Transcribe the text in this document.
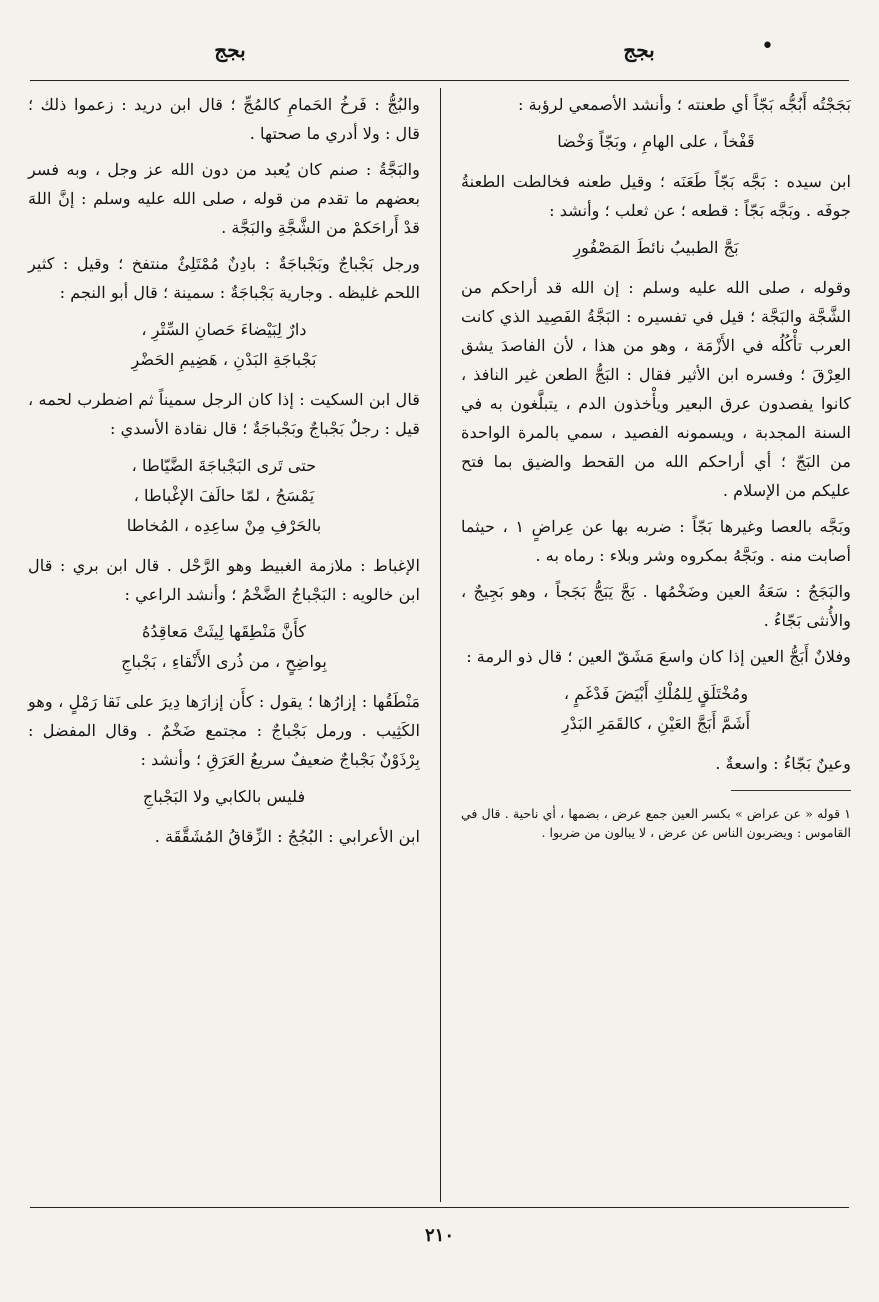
•
بجج
بجج

بَجَجْتُه أَبُجُّه بَجّاً أي طعنته ؛ وأنشد الأصمعي لرؤبة :

قَفْخاً ، على الهامِ ، وبَجّاً وَخْضا

ابن سيده : بَجَّه بَجّاً طَعَنَه ؛ وقيل طعنه فخالطت الطعنةُ جوفَه . وبَجَّه بَجّاً : قطعه ؛ عن ثعلب ؛ وأنشد :

بَجَّ الطبيبُ نائطَ المَصْفُورِ

وقوله ، صلى الله عليه وسلم : إن الله قد أراحكم من الشَّجَّة والبَجَّة ؛ قيل في تفسيره : البَجَّةُ الفَصِيد الذي كانت العرب تأْكُلُه في الأَزْمَة ، وهو من هذا ، لأن الفاصدَ يشق العِرْقَ ؛ وفسره ابن الأثير فقال : البَجُّ الطعن غير النافذ ، كانوا يفصدون عرق البعير ويأْخذون الدم ، يتبلَّغون به في السنة المجدبة ، ويسمونه الفصيد ، سمي بالمرة الواحدة من البَجّ ؛ أي أراحكم الله من القحط والضيق بما فتح عليكم من الإسلام .

وبَجَّه بالعصا وغيرها بَجّاً : ضربه بها عن عِراضٍ ١ ، حيثما أصابت منه . وبَجَّهُ بمكروه وشر وبلاء : رماه به .

والبَجَجُ : سَعَةُ العين وضَخْمُها . بَجَّ يَبَجُّ بَجَجاً ، وهو بَجِيجٌ ، والأُنثى بَجّاءُ .

وفلانٌ أَبَجُّ العين إذا كان واسعَ مَشَقّ العين ؛ قال ذو الرمة :

ومُخْتَلَقٍ لِلمُلْكِ أَبْيَضَ فَدْغَمٍ ،
أَشَمَّ أَبَجَّ العَيْنِ ، كالقَمَرِ البَدْرِ

وعينٌ بَجّاءُ : واسعةٌ .

١ قوله « عن عراض » بكسر العين جمع عرض ، بضمها ، أي ناحية . قال في القاموس : ويضربون الناس عن عرض ، لا يبالون من ضربوا .

والبُجُّ : فَرخُ الحَمامِ كالمُجِّ ؛ قال ابن دريد : زعموا ذلك ؛ قال : ولا أدري ما صحتها .

والبَجَّةُ : صنم كان يُعبد من دون الله عز وجل ، وبه فسر بعضهم ما تقدم من قوله ، صلى الله عليه وسلم : إنَّ اللهَ قدْ أَراحَكمْ من الشَّجَّةِ والبَجَّة .

ورجل بَجْباجٌ وبَجْباجَةٌ : بادِنٌ مُمْتَلِئٌ منتفخ ؛ وقيل : كثير اللحم غليظه . وجارية بَجْباجَةٌ : سمينة ؛ قال أبو النجم :

دارٌ لِبَيْضاءَ حَصانِ السِّتْرِ ،
بَجْباجَةِ البَدْنِ ، هَضِيمِ الحَضْرِ

قال ابن السكيت : إذا كان الرجل سميناً ثم اضطرب لحمه ، قيل : رجلٌ بَجْباجٌ وبَجْباجَةٌ ؛ قال نقادة الأسدي :

حتى تَرى البَجْباجَةَ الضَّيّاطا ،
يَمْسَحُ ، لمّا حالَفَ الإغْباطا ،
بالحَرْفِ مِنْ ساعِدِه ، المُخاطا

الإغباط : ملازمة الغبيط وهو الرَّحْل . قال ابن بري : قال ابن خالويه : البَجْباجُ الضَّخْمُ ؛ وأنشد الراعي :

كأَنَّ مَنْطِقَها لِيثَتْ مَعاقِدُهُ
بِواضِحٍ ، من ذُرى الأَنْقاءِ ، بَجْباجِ

مَنْطَقُها : إزارُها ؛ يقول : كأَن إزارَها دِيرَ على نَقا رَمْلٍ ، وهو الكَثِيب . ورمل بَجْباجٌ : مجتمع ضَخْمٌ . وقال المفضل : بِرْذَوْنٌ بَجْباجٌ ضعيفٌ سريعُ العَرَقِ ؛ وأنشد :

فليس بالكابي ولا البَجْباجِ

ابن الأعرابي : البُجُجُ : الزِّقاقُ المُشَقَّقَة .

٢١٠
